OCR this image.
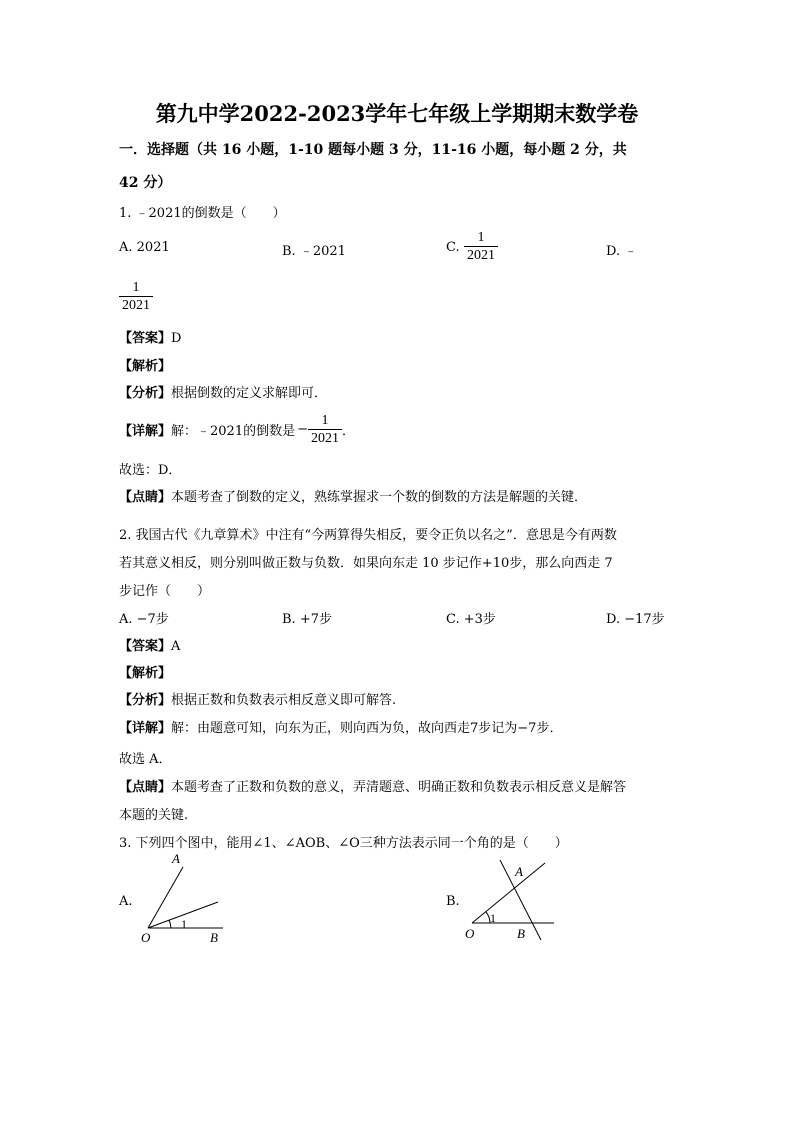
第九中学2022-2023学年七年级上学期期末数学卷
一．选择题（共 16 小题，1-10 题每小题 3 分，11-16 小题，每小题 2 分，共
42 分）
1. ﹣2021的倒数是（　　）
A. 2021	B. ﹣2021	C. $\frac{1}{2021}$	D. ﹣
$\frac{1}{2021}$
【答案】D
【解析】
【分析】根据倒数的定义求解即可．
【详解】 解：﹣2021的倒数是 − $\frac{1}{2021}$ ．
故选：D．
【点睛】本题考查了倒数的定义，熟练掌握求一个数的倒数的方法是解题的关键．
2. 我国古代《九章算术》中注有“今两算得失相反，要令正负以名之”．意思是今有两数
若其意义相反，则分别叫做正数与负数．如果向东走 10 步记作+10步，那么向西走 7
步记作（　　）
A. −7步	B. +7步	C. +3步	D. −17步
【答案】A
【解析】
【分析】根据正数和负数表示相反意义即可解答.
【详解】解：由题意可知，向东为正，则向西为负，故向西走7步记为−7步．
故选 A．
【点睛】本题考查了正数和负数的意义，弄清题意、明确正数和负数表示相反意义是解答
本题的关键.
3. 下列四个图中，能用∠1、∠AOB、∠O三种方法表示同一个角的是（　　）
A.
A
O	B
1
B.
A
O	B
1
